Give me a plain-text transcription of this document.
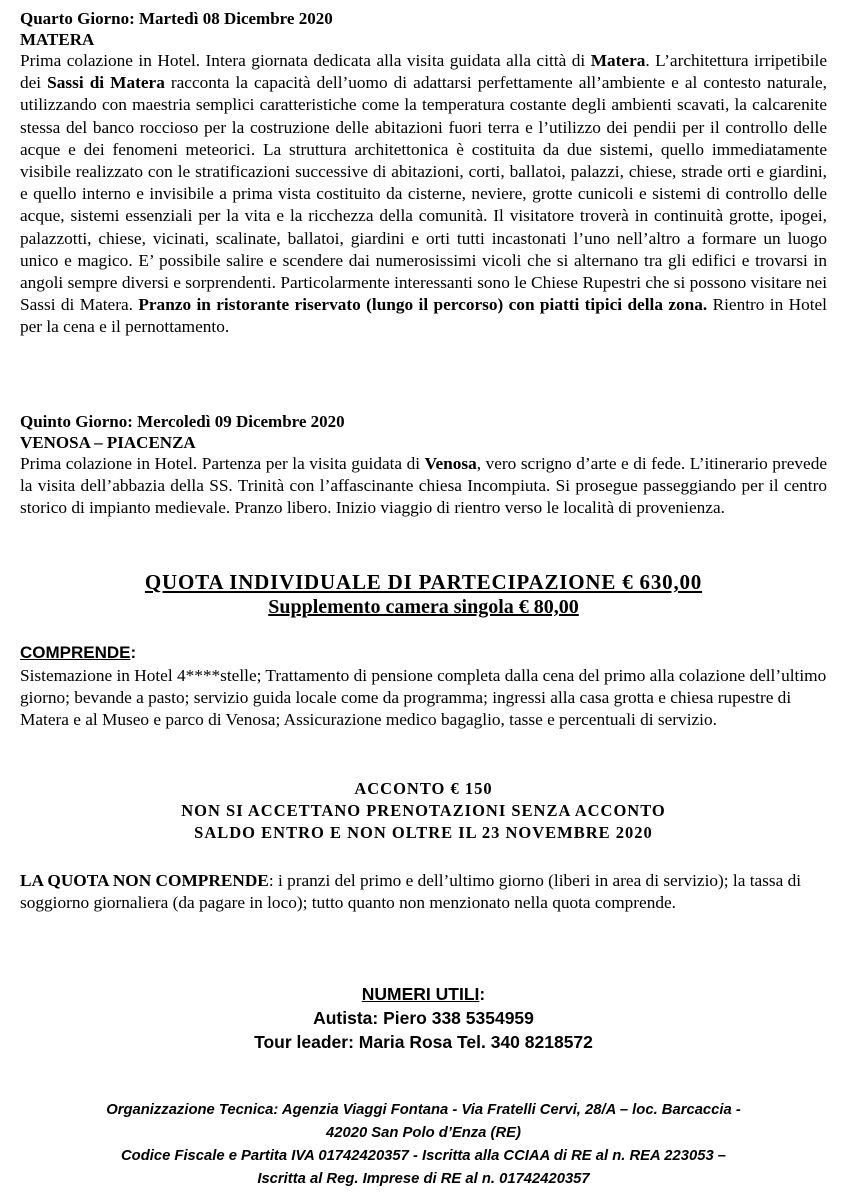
Quarto Giorno: Martedì 08 Dicembre 2020

MATERA

Prima colazione in Hotel. Intera giornata dedicata alla visita guidata alla città di Matera. L’architettura irripetibile dei Sassi di Matera racconta la capacità dell’uomo di adattarsi perfettamente all’ambiente e al contesto naturale, utilizzando con maestria semplici caratteristiche come la temperatura costante degli ambienti scavati, la calcarenite stessa del banco roccioso per la costruzione delle abitazioni fuori terra e l’utilizzo dei pendii per il controllo delle acque e dei fenomeni meteorici. La struttura architettonica è costituita da due sistemi, quello immediatamente visibile realizzato con le stratificazioni successive di abitazioni, corti, ballatoi, palazzi, chiese, strade orti e giardini, e quello interno e invisibile a prima vista costituito da cisterne, neviere, grotte cunicoli e sistemi di controllo delle acque, sistemi essenziali per la vita e la ricchezza della comunità. Il visitatore troverà in continuità grotte, ipogei, palazzotti, chiese, vicinati, scalinate, ballatoi, giardini e orti tutti incastonati l’uno nell’altro a formare un luogo unico e magico. E’ possibile salire e scendere dai numerosissimi vicoli che si alternano tra gli edifici e trovarsi in angoli sempre diversi e sorprendenti. Particolarmente interessanti sono le Chiese Rupestri che si possono visitare nei Sassi di Matera. Pranzo in ristorante riservato (lungo il percorso) con piatti tipici della zona. Rientro in Hotel per la cena e il pernottamento.

Quinto Giorno: Mercoledì 09 Dicembre 2020

VENOSA – PIACENZA

Prima colazione in Hotel. Partenza per la visita guidata di Venosa, vero scrigno d’arte e di fede. L’itinerario prevede la visita dell’abbazia della SS. Trinità con l’affascinante chiesa Incompiuta. Si prosegue passeggiando per il centro storico di impianto medievale. Pranzo libero. Inizio viaggio di rientro verso le località di provenienza.

QUOTA INDIVIDUALE DI PARTECIPAZIONE € 630,00

Supplemento camera singola € 80,00

COMPRENDE:

Sistemazione in Hotel 4****stelle; Trattamento di pensione completa dalla cena del primo alla colazione dell’ultimo giorno; bevande a pasto; servizio guida locale come da programma; ingressi alla casa grotta e chiesa rupestre di Matera e al Museo e parco di Venosa; Assicurazione medico bagaglio, tasse e percentuali di servizio.

ACCONTO € 150

NON SI ACCETTANO PRENOTAZIONI SENZA ACCONTO

SALDO ENTRO E NON OLTRE IL 23 NOVEMBRE 2020

LA QUOTA NON COMPRENDE: i pranzi del primo e dell’ultimo giorno (liberi in area di servizio); la tassa di soggiorno giornaliera (da pagare in loco); tutto quanto non menzionato nella quota comprende.

NUMERI UTILI:

Autista: Piero 338 5354959

Tour leader: Maria Rosa Tel. 340 8218572

Organizzazione Tecnica: Agenzia Viaggi Fontana - Via Fratelli Cervi, 28/A – loc. Barcaccia -

42020 San Polo d’Enza (RE)

Codice Fiscale e Partita IVA 01742420357 - Iscritta alla CCIAA di RE al n. REA 223053 –

Iscritta al Reg. Imprese di RE al n. 01742420357
